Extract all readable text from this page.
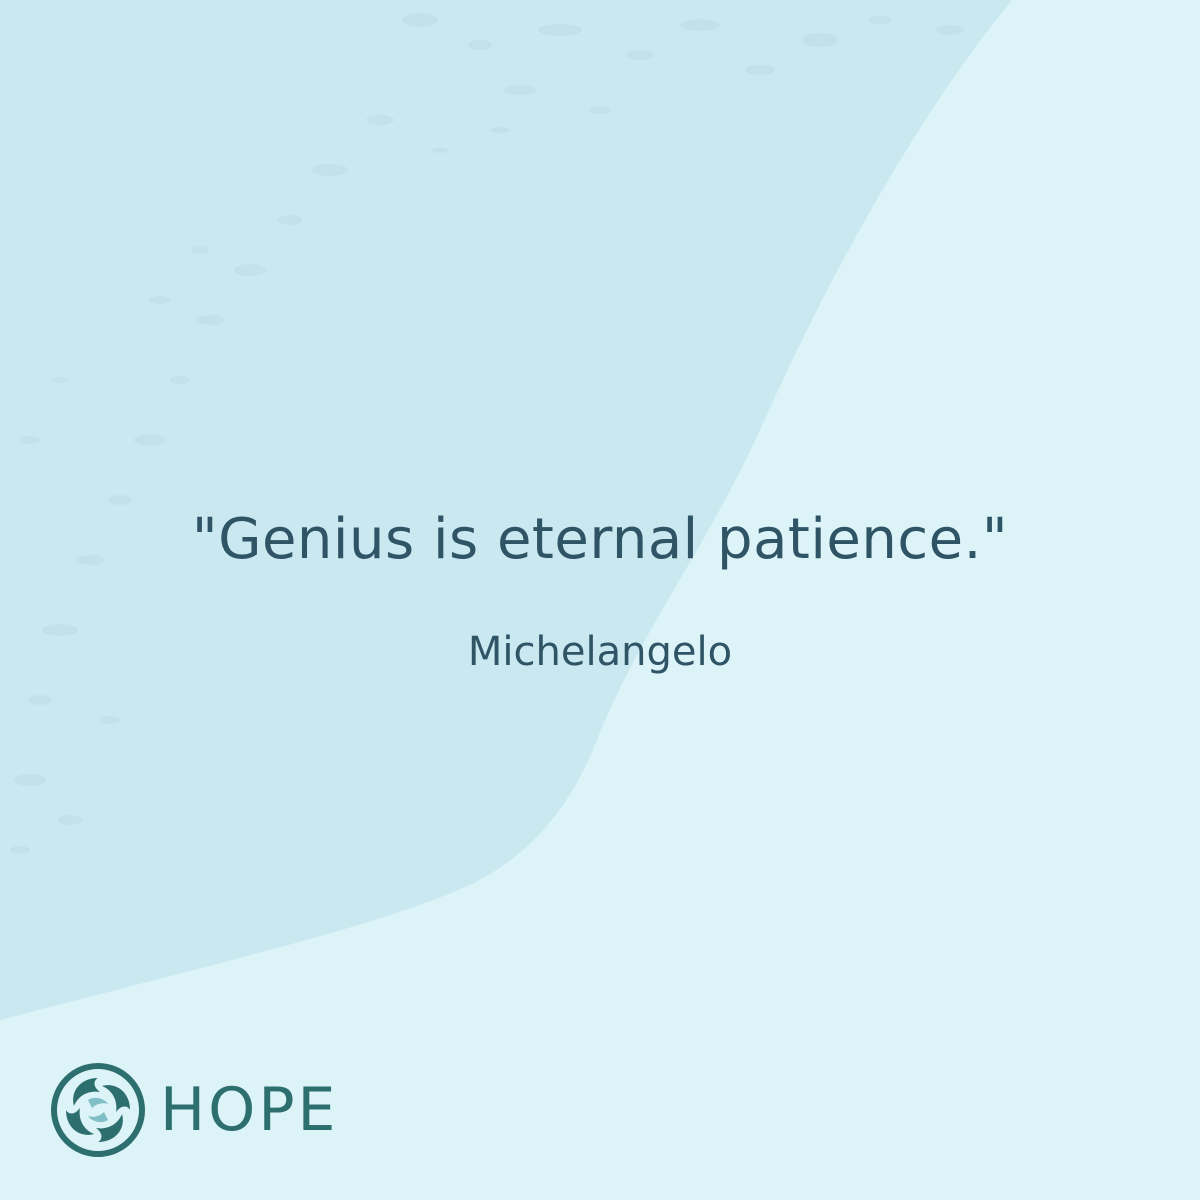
"Genius is eternal patience."
Michelangelo
HOPE
